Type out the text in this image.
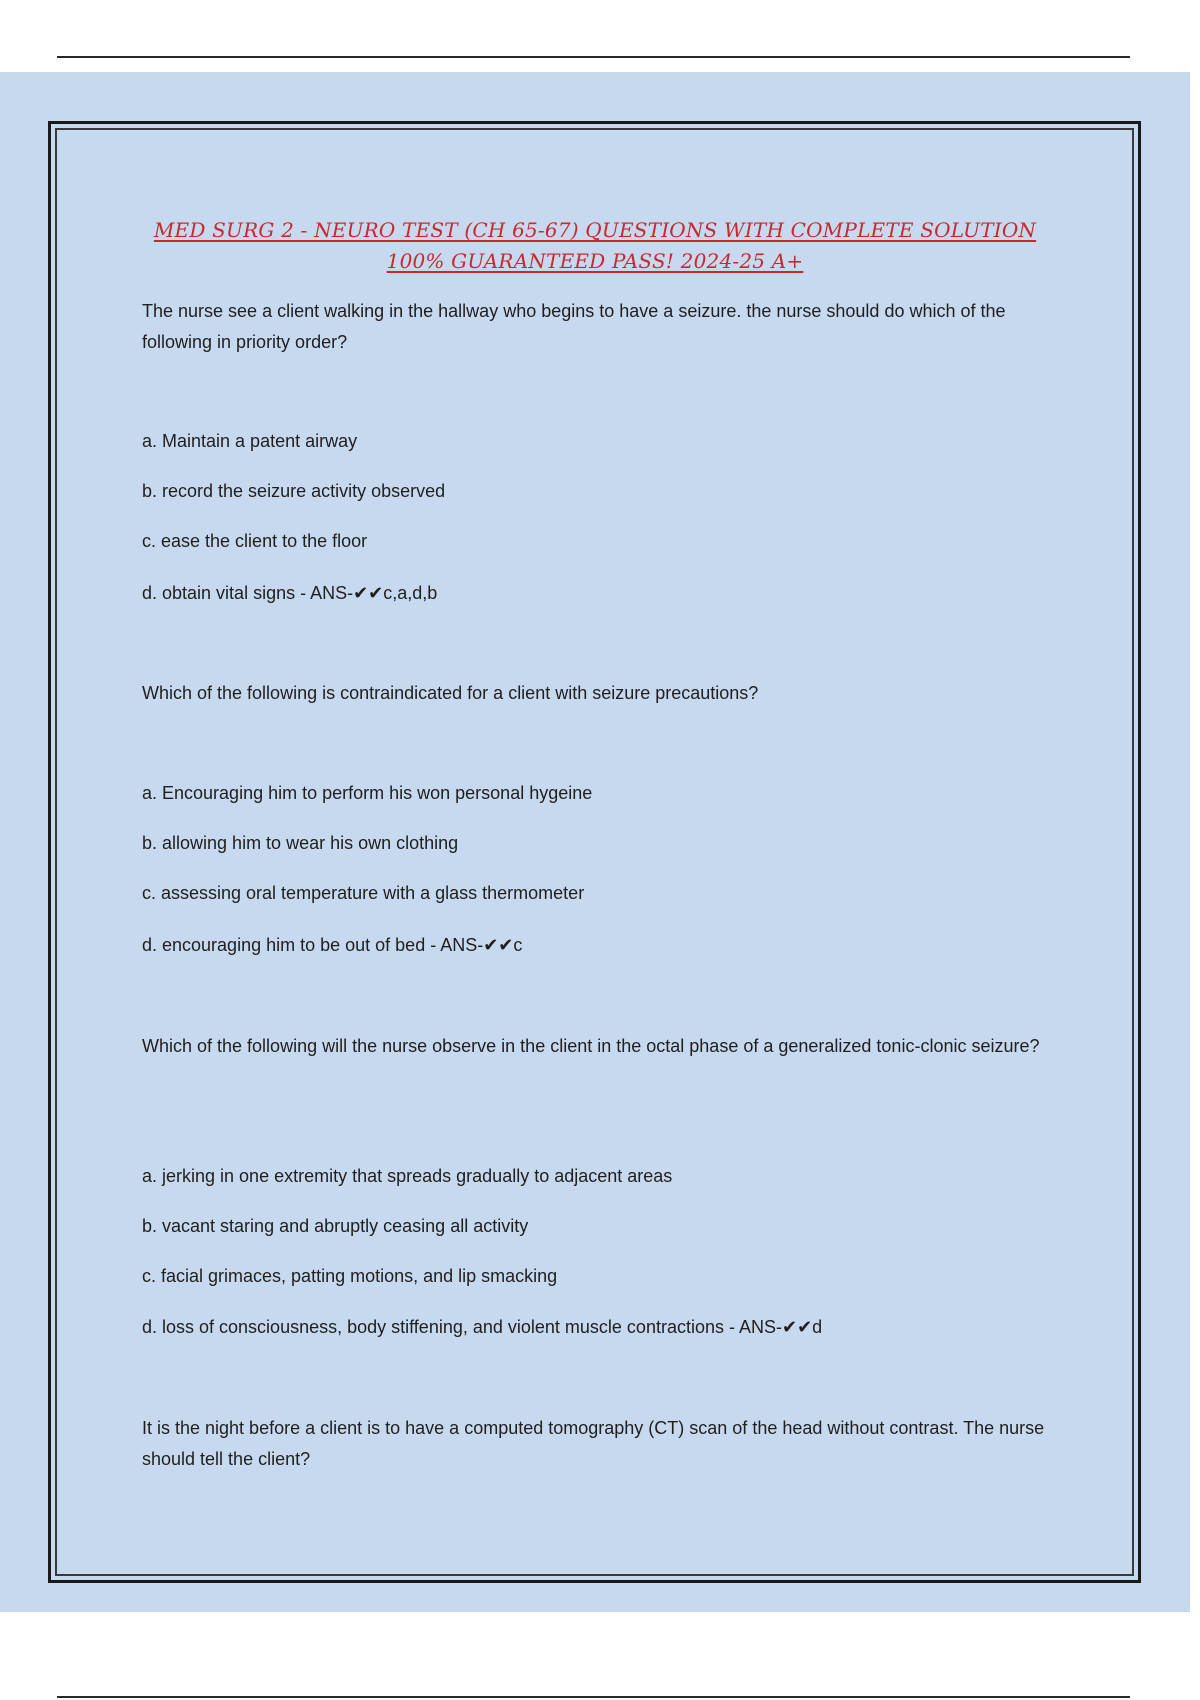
MED SURG 2 - NEURO TEST (CH 65-67) QUESTIONS WITH COMPLETE SOLUTION
100% GUARANTEED PASS! 2024-25 A+
The nurse see a client walking in the hallway who begins to have a seizure. the nurse should do which of the following in priority order?
a. Maintain a patent airway
b. record the seizure activity observed
c. ease the client to the floor
d. obtain vital signs - ANS-✔✔c,a,d,b
Which of the following is contraindicated for a client with seizure precautions?
a. Encouraging him to perform his won personal hygeine
b. allowing him to wear his own clothing
c. assessing oral temperature with a glass thermometer
d. encouraging him to be out of bed - ANS-✔✔c
Which of the following will the nurse observe in the client in the octal phase of a generalized tonic-clonic seizure?
a. jerking in one extremity that spreads gradually to adjacent areas
b. vacant staring and abruptly ceasing all activity
c. facial grimaces, patting motions, and lip smacking
d. loss of consciousness, body stiffening, and violent muscle contractions - ANS-✔✔d
It is the night before a client is to have a computed tomography (CT) scan of the head without contrast. The nurse should tell the client?
